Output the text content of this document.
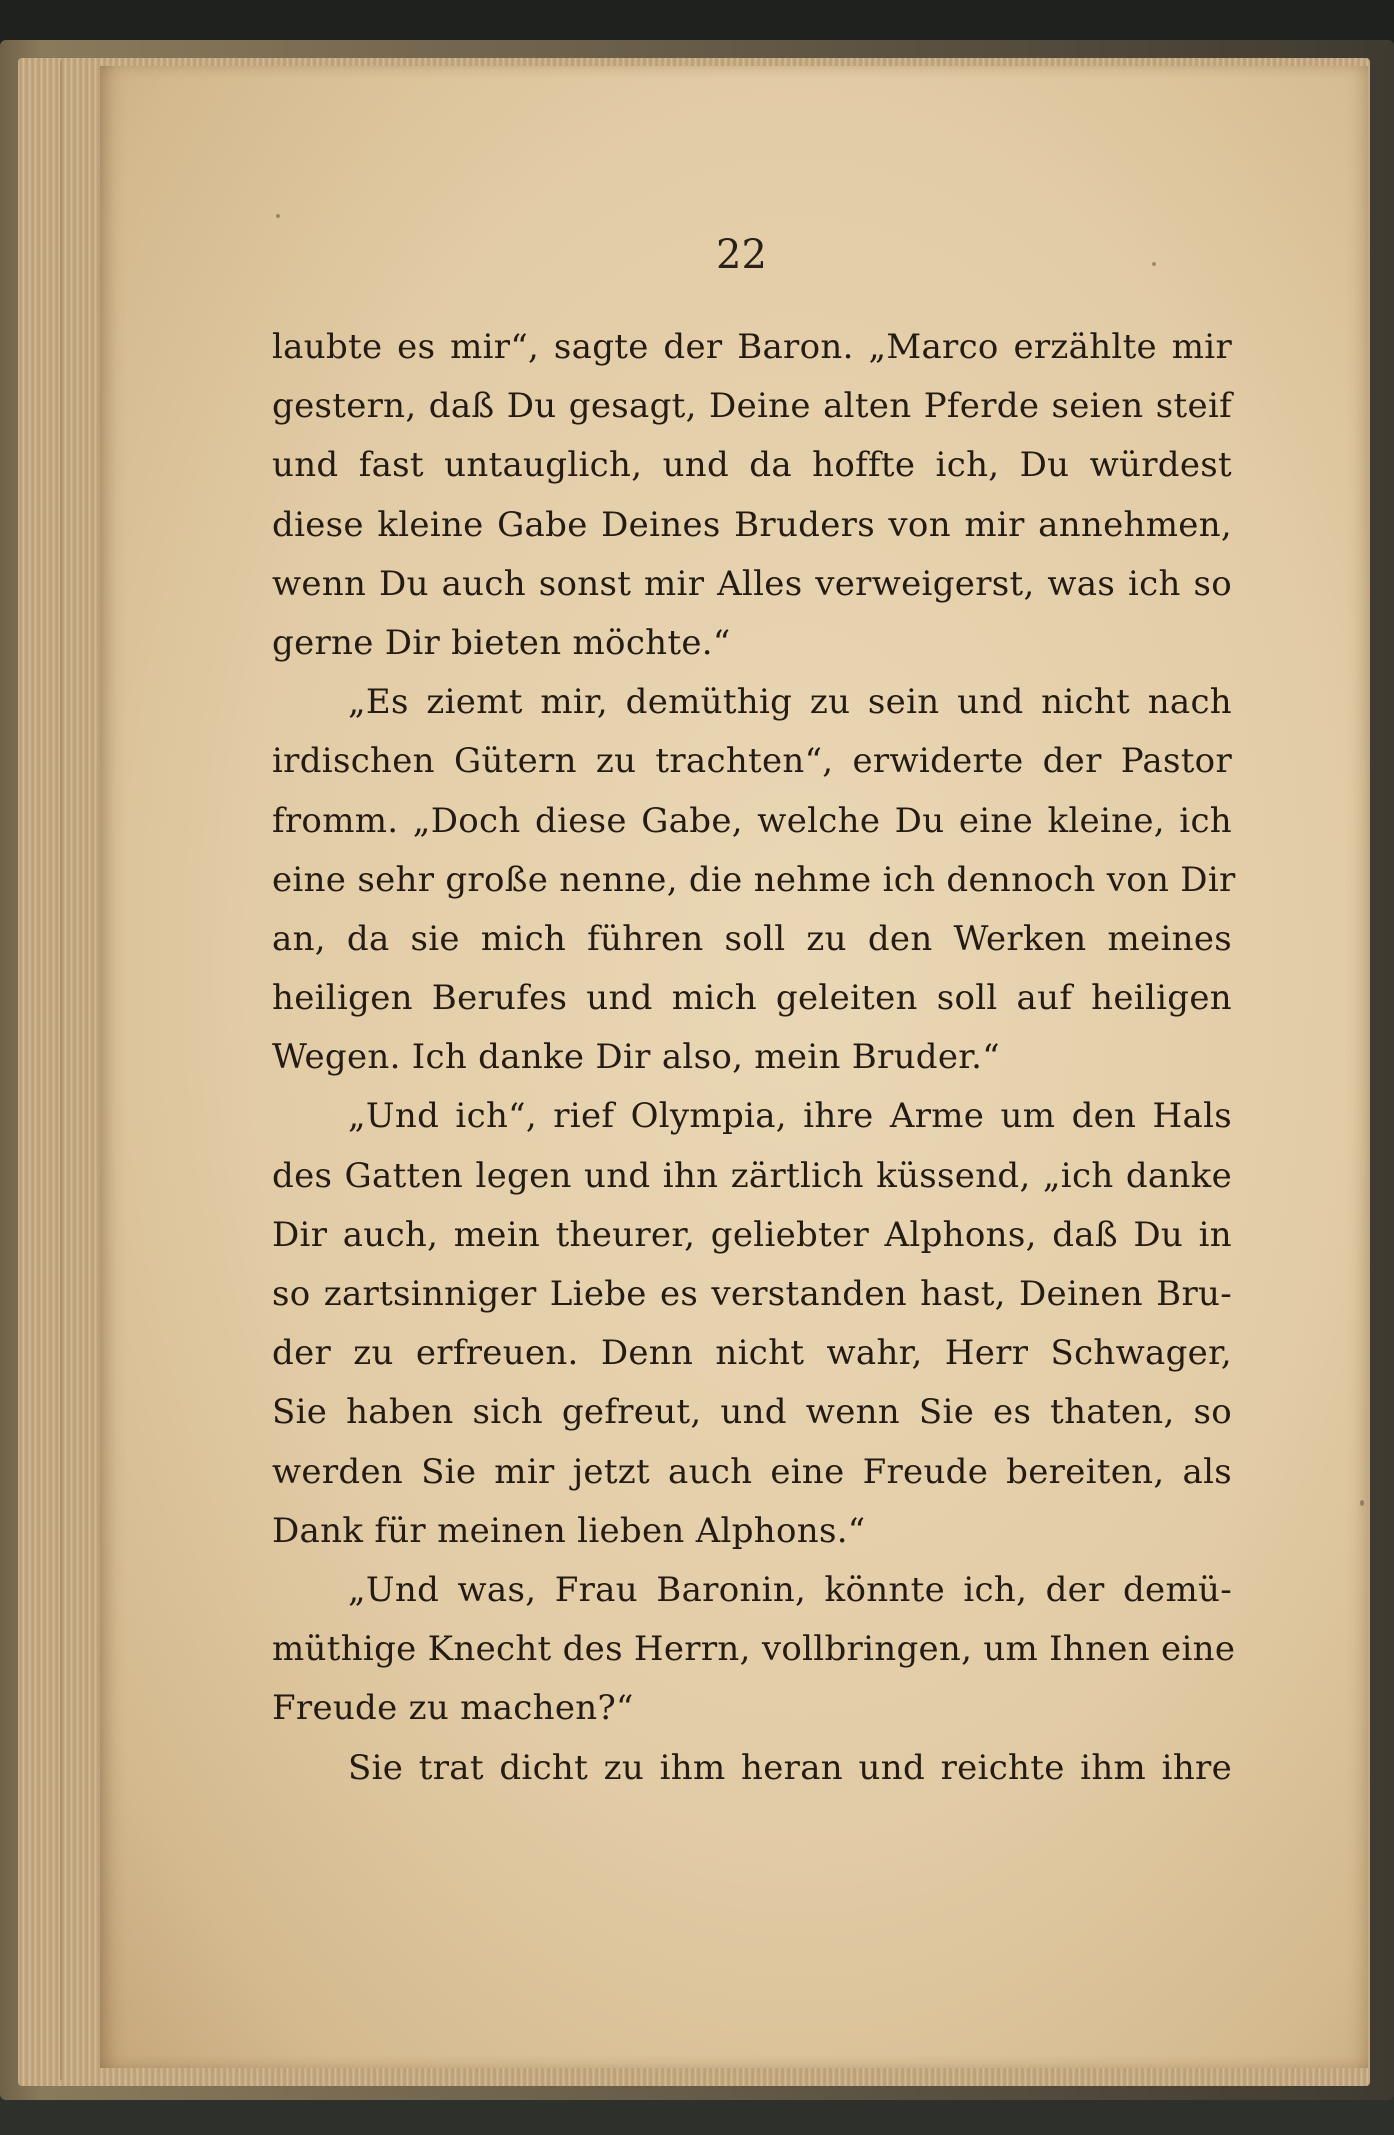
22
laubte es mir“, sagte der Baron. „Marco erzählte mir
gestern, daß Du gesagt, Deine alten Pferde seien steif
und fast untauglich, und da hoffte ich, Du würdest
diese kleine Gabe Deines Bruders von mir annehmen,
wenn Du auch sonst mir Alles verweigerst, was ich so
gerne Dir bieten möchte.“
„Es ziemt mir, demüthig zu sein und nicht nach
irdischen Gütern zu trachten“, erwiderte der Pastor
fromm. „Doch diese Gabe, welche Du eine kleine, ich
eine sehr große nenne, die nehme ich dennoch von Dir
an, da sie mich führen soll zu den Werken meines
heiligen Berufes und mich geleiten soll auf heiligen
Wegen. Ich danke Dir also, mein Bruder.“
„Und ich“, rief Olympia, ihre Arme um den Hals
des Gatten legen und ihn zärtlich küssend, „ich danke
Dir auch, mein theurer, geliebter Alphons, daß Du in
so zartsinniger Liebe es verstanden hast, Deinen Bru-
der zu erfreuen. Denn nicht wahr, Herr Schwager,
Sie haben sich gefreut, und wenn Sie es thaten, so
werden Sie mir jetzt auch eine Freude bereiten, als
Dank für meinen lieben Alphons.“
„Und was, Frau Baronin, könnte ich, der demü-
müthige Knecht des Herrn, vollbringen, um Ihnen eine
Freude zu machen?“
Sie trat dicht zu ihm heran und reichte ihm ihre
